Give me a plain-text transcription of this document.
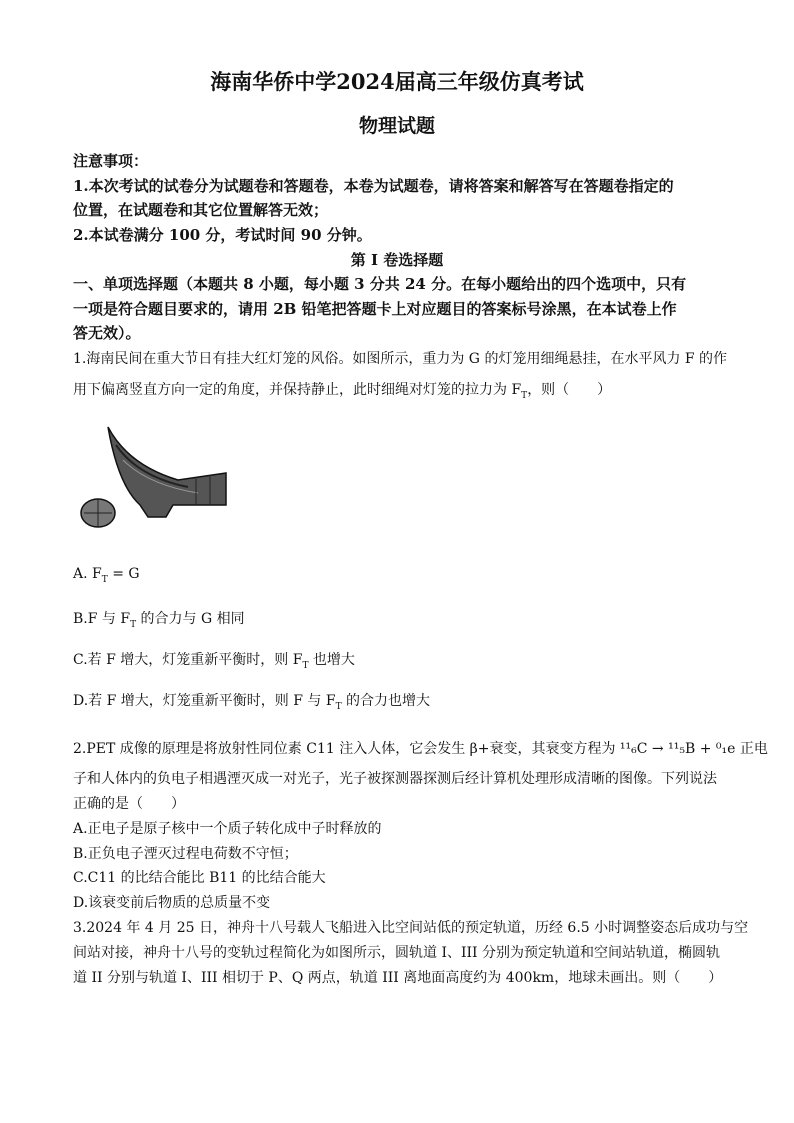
海南华侨中学2024届高三年级仿真考试
物理试题
注意事项：
1.本次考试的试卷分为试题卷和答题卷，本卷为试题卷，请将答案和解答写在答题卷指定的
位置，在试题卷和其它位置解答无效；
2.本试卷满分 100 分，考试时间 90 分钟。
第 I 卷选择题
一、单项选择题（本题共 8 小题，每小题 3 分共 24 分。在每小题给出的四个选项中，只有
一项是符合题目要求的，请用 2B 铅笔把答题卡上对应题目的答案标号涂黑，在本试卷上作
答无效）。
1.海南民间在重大节日有挂大红灯笼的风俗。如图所示，重力为 G 的灯笼用细绳悬挂，在水平风力 F 的作
用下偏离竖直方向一定的角度，并保持静止，此时细绳对灯笼的拉力为 $F_T$，则（　　）
A. $F_T = G$
B.F 与 $F_T$ 的合力与 G 相同
C.若 F 增大，灯笼重新平衡时，则 $F_T$ 也增大
D.若 F 增大，灯笼重新平衡时，则 F 与 $F_T$ 的合力也增大
2.PET 成像的原理是将放射性同位素 C11 注入人体，它会发生 β+衰变，其衰变方程为 ¹¹₆C → ¹¹₅B + ⁰₁e 正电
子和人体内的负电子相遇湮灭成一对光子，光子被探测器探测后经计算机处理形成清晰的图像。下列说法
正确的是（　　）
A.正电子是原子核中一个质子转化成中子时释放的
B.正负电子湮灭过程电荷数不守恒；
C.C11 的比结合能比 B11 的比结合能大
D.该衰变前后物质的总质量不变
3.2024 年 4 月 25 日，神舟十八号载人飞船进入比空间站低的预定轨道，历经 6.5 小时调整姿态后成功与空
间站对接，神舟十八号的变轨过程简化为如图所示，圆轨道 I、III 分别为预定轨道和空间站轨道，椭圆轨
道 II 分别与轨道 I、III 相切于 P、Q 两点，轨道 III 离地面高度约为 400km，地球未画出。则（　　）
